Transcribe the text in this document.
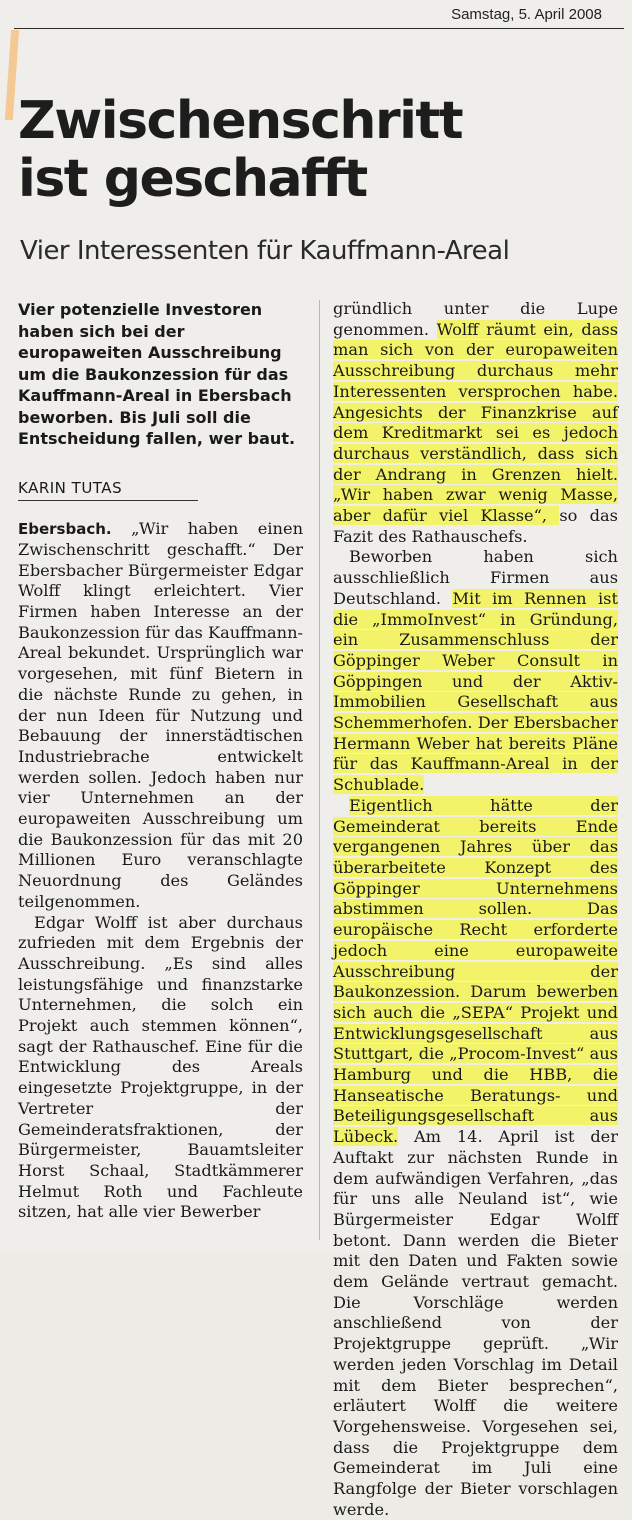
Samstag, 5. April 2008
Zwischenschritt
ist geschafft
Vier Interessenten für Kauffmann-Areal

Vier potenzielle Investoren haben sich bei der europaweiten Ausschreibung um die Baukonzession für das Kauffmann-Areal in Ebersbach beworben. Bis Juli soll die Entscheidung fallen, wer baut.

KARIN TUTAS

Ebersbach. „Wir haben einen Zwischenschritt geschafft.“ Der Ebersbacher Bürgermeister Edgar Wolff klingt erleichtert. Vier Firmen haben Interesse an der Baukonzession für das Kauffmann-Areal bekundet. Ursprünglich war vorgesehen, mit fünf Bietern in die nächste Runde zu gehen, in der nun Ideen für Nutzung und Bebauung der innerstädtischen Industriebrache entwickelt werden sollen. Jedoch haben nur vier Unternehmen an der europaweiten Ausschreibung um die Baukonzession für das mit 20 Millionen Euro veranschlagte Neuordnung des Geländes teilgenommen.

Edgar Wolff ist aber durchaus zufrieden mit dem Ergebnis der Ausschreibung. „Es sind alles leistungsfähige und finanzstarke Unternehmen, die solch ein Projekt auch stemmen können“, sagt der Rathauschef. Eine für die Entwicklung des Areals eingesetzte Projektgruppe, in der Vertreter der Gemeinderatsfraktionen, der Bürgermeister, Bauamtsleiter Horst Schaal, Stadtkämmerer Helmut Roth und Fachleute sitzen, hat alle vier Bewerber

gründlich unter die Lupe genommen. Wolff räumt ein, dass man sich von der europaweiten Ausschreibung durchaus mehr Interessenten versprochen habe. Angesichts der Finanzkrise auf dem Kreditmarkt sei es jedoch durchaus verständlich, dass sich der Andrang in Grenzen hielt. „Wir haben zwar wenig Masse, aber dafür viel Klasse“, so das Fazit des Rathauschefs.

Beworben haben sich ausschließlich Firmen aus Deutschland. Mit im Rennen ist die „ImmoInvest“ in Gründung, ein Zusammenschluss der Göppinger Weber Consult in Göppingen und der Aktiv-Immobilien Gesellschaft aus Schemmerhofen. Der Ebersbacher Hermann Weber hat bereits Pläne für das Kauffmann-Areal in der Schublade.

Eigentlich hätte der Gemeinderat bereits Ende vergangenen Jahres über das überarbeitete Konzept des Göppinger Unternehmens abstimmen sollen. Das europäische Recht erforderte jedoch eine europaweite Ausschreibung der Baukonzession. Darum bewerben sich auch die „SEPA“ Projekt und Entwicklungsgesellschaft aus Stuttgart, die „Procom-Invest“ aus Hamburg und die HBB, die Hanseatische Beratungs- und Beteiligungsgesellschaft aus Lübeck. Am 14. April ist der Auftakt zur nächsten Runde in dem aufwändigen Verfahren, „das für uns alle Neuland ist“, wie Bürgermeister Edgar Wolff betont. Dann werden die Bieter mit den Daten und Fakten sowie dem Gelände vertraut gemacht. Die Vorschläge werden anschließend von der Projektgruppe geprüft. „Wir werden jeden Vorschlag im Detail mit dem Bieter besprechen“, erläutert Wolff die weitere Vorgehensweise. Vorgesehen sei, dass die Projektgruppe dem Gemeinderat im Juli eine Rangfolge der Bieter vorschlagen werde.
